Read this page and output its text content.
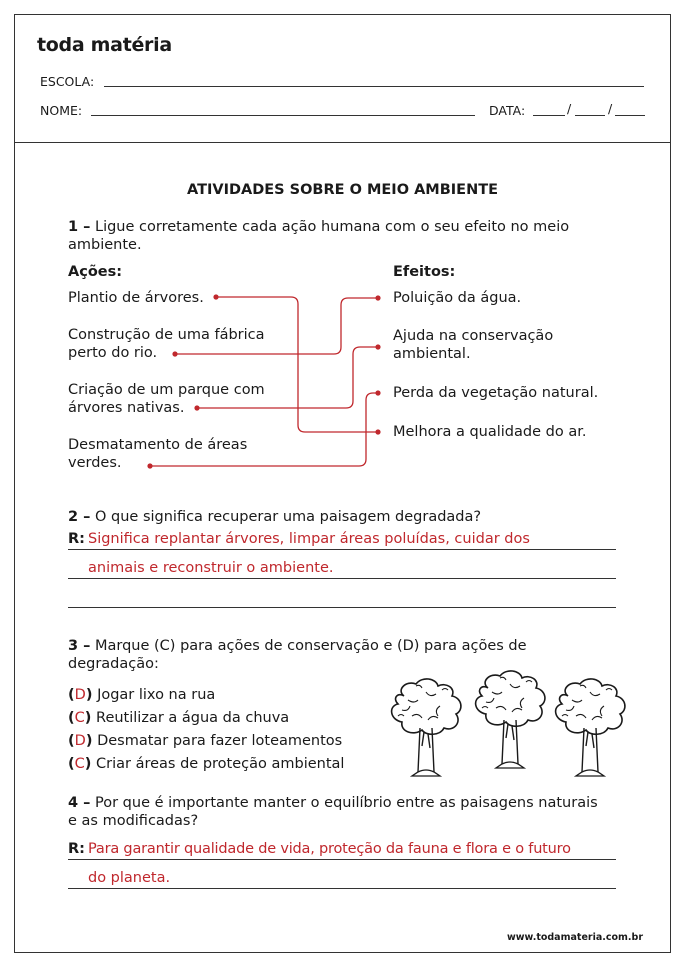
toda matéria
ESCOLA:
NOME:	DATA:	/	/
ATIVIDADES SOBRE O MEIO AMBIENTE
1 – Ligue corretamente cada ação humana com o seu efeito no meio
ambiente.
Ações:	Efeitos:
Plantio de árvores.
Construção de uma fábrica
perto do rio.
Criação de um parque com
árvores nativas.
Desmatamento de áreas
verdes.
Poluição da água.
Ajuda na conservação
ambiental.
Perda da vegetação natural.
Melhora a qualidade do ar.
2 – O que significa recuperar uma paisagem degradada?
R: Significa replantar árvores, limpar áreas poluídas, cuidar dos
animais e reconstruir o ambiente.
3 – Marque (C) para ações de conservação e (D) para ações de
degradação:
(D) Jogar lixo na rua
(C) Reutilizar a água da chuva
(D) Desmatar para fazer loteamentos
(C) Criar áreas de proteção ambiental
4 – Por que é importante manter o equilíbrio entre as paisagens naturais
e as modificadas?
R: Para garantir qualidade de vida, proteção da fauna e flora e o futuro
do planeta.
www.todamateria.com.br
